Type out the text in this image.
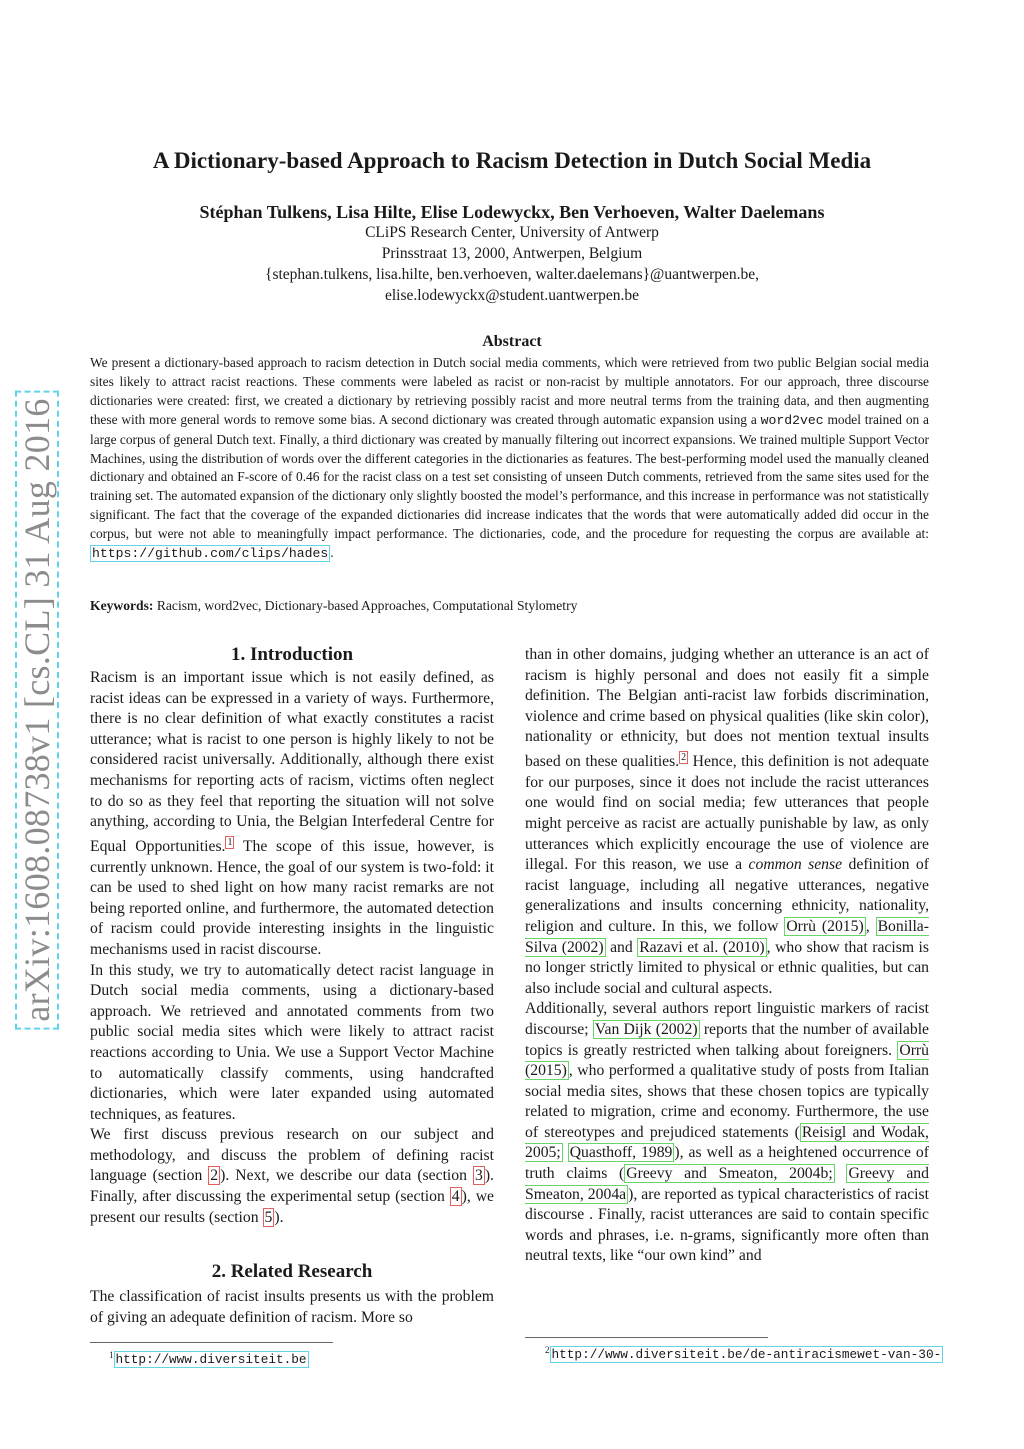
arXiv:1608.08738v1 [cs.CL] 31 Aug 2016
A Dictionary-based Approach to Racism Detection in Dutch Social Media
Stéphan Tulkens, Lisa Hilte, Elise Lodewyckx, Ben Verhoeven, Walter Daelemans
CLiPS Research Center, University of Antwerp
Prinsstraat 13, 2000, Antwerpen, Belgium
{stephan.tulkens, lisa.hilte, ben.verhoeven, walter.daelemans}@uantwerpen.be,
elise.lodewyckx@student.uantwerpen.be
Abstract
We present a dictionary-based approach to racism detection in Dutch social media comments, which were retrieved from two public Belgian social media sites likely to attract racist reactions. These comments were labeled as racist or non-racist by multiple annotators. For our approach, three discourse dictionaries were created: first, we created a dictionary by retrieving possibly racist and more neutral terms from the training data, and then augmenting these with more general words to remove some bias. A second dictionary was created through automatic expansion using a word2vec model trained on a large corpus of general Dutch text. Finally, a third dictionary was created by manually filtering out incorrect expansions. We trained multiple Support Vector Machines, using the distribution of words over the different categories in the dictionaries as features. The best-performing model used the manually cleaned dictionary and obtained an F-score of 0.46 for the racist class on a test set consisting of unseen Dutch comments, retrieved from the same sites used for the training set. The automated expansion of the dictionary only slightly boosted the model’s performance, and this increase in performance was not statistically significant. The fact that the coverage of the expanded dictionaries did increase indicates that the words that were automatically added did occur in the corpus, but were not able to meaningfully impact performance. The dictionaries, code, and the procedure for requesting the corpus are available at: https://github.com/clips/hades .
Keywords: Racism, word2vec, Dictionary-based Approaches, Computational Stylometry
1. Introduction

Racism is an important issue which is not easily defined, as racist ideas can be expressed in a variety of ways. Furthermore, there is no clear definition of what exactly constitutes a racist utterance; what is racist to one person is highly likely to not be considered racist universally. Additionally, although there exist mechanisms for reporting acts of racism, victims often neglect to do so as they feel that reporting the situation will not solve anything, according to Unia, the Belgian Interfederal Centre for Equal Opportunities. $^1$ The scope of this issue, however, is currently unknown. Hence, the goal of our system is two-fold: it can be used to shed light on how many racist remarks are not being reported online, and furthermore, the automated detection of racism could provide interesting insights in the linguistic mechanisms used in racist discourse.

In this study, we try to automatically detect racist language in Dutch social media comments, using a dictionary-based approach. We retrieved and annotated comments from two public social media sites which were likely to attract racist reactions according to Unia. We use a Support Vector Machine to automatically classify comments, using handcrafted dictionaries, which were later expanded using automated techniques, as features.

We first discuss previous research on our subject and methodology, and discuss the problem of defining racist language (section 2 ). Next, we describe our data (section 3 ). Finally, after discussing the experimental setup (section 4 ), we present our results (section 5 ).

2. Related Research
The classification of racist insults presents us with the problem of giving an adequate definition of racism. More so

than in other domains, judging whether an utterance is an act of racism is highly personal and does not easily fit a simple definition. The Belgian anti-racist law forbids discrimination, violence and crime based on physical qualities (like skin color), nationality or ethnicity, but does not mention textual insults based on these qualities. $^2$ Hence, this definition is not adequate for our purposes, since it does not include the racist utterances one would find on social media; few utterances that people might perceive as racist are actually punishable by law, as only utterances which explicitly encourage the use of violence are illegal. For this reason, we use a common sense definition of racist language, including all negative utterances, negative generalizations and insults concerning ethnicity, nationality, religion and culture. In this, we follow Orrù (2015) , Bonilla-Silva (2002) and Razavi et al. (2010) , who show that racism is no longer strictly limited to physical or ethnic qualities, but can also include social and cultural aspects.

Additionally, several authors report linguistic markers of racist discourse; Van Dijk (2002) reports that the number of available topics is greatly restricted when talking about foreigners. Orrù (2015) , who performed a qualitative study of posts from Italian social media sites, shows that these chosen topics are typically related to migration, crime and economy. Furthermore, the use of stereotypes and prejudiced statements ( Reisigl and Wodak, 2005; Quasthoff, 1989 ), as well as a heightened occurrence of truth claims ( Greevy and Smeaton, 2004b; Greevy and Smeaton, 2004a ), are reported as typical characteristics of racist discourse . Finally, racist utterances are said to contain specific words and phrases, i.e. n-grams, significantly more often than neutral texts, like “our own kind” and

$^1$ http://www.diversiteit.be
$^2$ http://www.diversiteit.be/de-antiracismewet-van-30-
